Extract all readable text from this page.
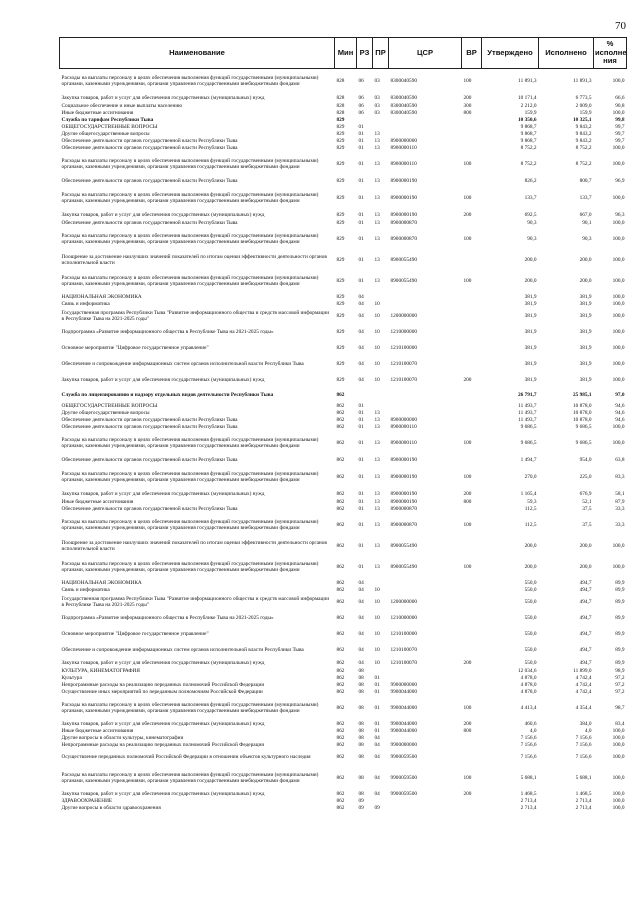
70
Наименование	Мин	РЗ	ПР	ЦСР	ВР	Утверждено	Исполнено	% исполне ния
Расходы на выплаты персоналу в целях обеспечения выполнения функций государственными (муниципальными) органами, казенными учреждениями, органами управления государственными внебюджетными фондами	828	06	03	8300040590	100	11 891,3	11 891,3	100,0
Закупка товаров, работ и услуг для обеспечения государственных (муниципальных) нужд	828	06	03	8300040590	200	10 171,4	6 773,5	66,6
Социальное обеспечение и иные выплаты населению	828	06	03	8300040590	300	2 212,0	2 009,0	90,8
Иные бюджетные ассигнования	828	06	03	8300040590	800	159,9	159,9	100,0
Служба по тарифам Республики Тыва	829					10 350,6	10 325,1	99,8
ОБЩЕГОСУДАРСТВЕННЫЕ ВОПРОСЫ	829	01				9 868,7	9 843,2	99,7
Другие общегосударственные вопросы	829	01	13			9 868,7	9 843,2	99,7
Обеспечение деятельности органов государственной власти Республики Тыва	829	01	13	8900000000		9 868,7	9 843,2	99,7
Обеспечение деятельности органов государственной власти Республики Тыва	829	01	13	8900000110		8 752,2	8 752,2	100,0
Расходы на выплаты персоналу в целях обеспечения выполнения функций государственными (муниципальными) органами, казенными учреждениями, органами управления государственными внебюджетными фондами	829	01	13	8900000110	100	8 752,2	8 752,2	100,0
Обеспечение деятельности органов государственной власти Республики Тыва	829	01	13	8900000190		826,2	800,7	96,9
Расходы на выплаты персоналу в целях обеспечения выполнения функций государственными (муниципальными) органами, казенными учреждениями, органами управления государственными внебюджетными фондами	829	01	13	8900000190	100	133,7	133,7	100,0
Закупка товаров, работ и услуг для обеспечения государственных (муниципальных) нужд	829	01	13	8900000190	200	692,5	667,0	96,3
Обеспечение деятельности органов государственной власти Республики Тыва	829	01	13	8900000870		90,3	90,1	100,0
Расходы на выплаты персоналу в целях обеспечения выполнения функций государственными (муниципальными) органами, казенными учреждениями, органами управления государственными внебюджетными фондами	829	01	13	8900000870	100	90,3	90,3	100,0
Поощрение за достижение наилучших значений показателей по итогам оценки эффективности деятельности органов исполнительной власти	829	01	13	8900055490		200,0	200,0	100,0
Расходы на выплаты персоналу в целях обеспечения выполнения функций государственными (муниципальными) органами, казенными учреждениями, органами управления государственными внебюджетными фондами	829	01	13	8900055490	100	200,0	200,0	100,0
НАЦИОНАЛЬНАЯ ЭКОНОМИКА	829	04				381,9	381,9	100,0
Связь и информатика	829	04	10			381,9	381,9	100,0
Государственная программа Республики Тыва "Развитие информационного общества и средств массовой информации в Республике Тыва на 2021-2025 годы"	829	04	10	1200000000		381,9	381,9	100,0
Подпрограмма «Развитие информационного общества в Республике Тыва на 2021-2025 годы»	829	04	10	1210000000		381,9	381,9	100,0
Основное мероприятие "Цифровое государственное управление"	829	04	10	1210100000		381,9	381,9	100,0
Обеспечение и сопровождение информационных систем органов исполнительной власти Республики Тыва	829	04	10	1210100070		381,9	381,9	100,0
Закупка товаров, работ и услуг для обеспечения государственных (муниципальных) нужд	829	04	10	1210100070	200	381,9	381,9	100,0
Служба по лицензированию и надзору отдельных видов деятельности Республики Тыва	862					26 791,7	25 985,1	97,0
ОБЩЕГОСУДАРСТВЕННЫЕ ВОПРОСЫ	862	01				11 493,7	10 878,0	94,6
Другие общегосударственные вопросы	862	01	13			11 493,7	10 878,0	94,6
Обеспечение деятельности органов государственной власти Республики Тыва	862	01	13	8900000000		11 493,7	10 878,0	94,6
Обеспечение деятельности органов государственной власти Республики Тыва	862	01	13	8900000110		9 686,5	9 686,5	100,0
Расходы на выплаты персоналу в целях обеспечения выполнения функций государственными (муниципальными) органами, казенными учреждениями, органами управления государственными внебюджетными фондами	862	01	13	8900000110	100	9 686,5	9 686,5	100,0
Обеспечение деятельности органов государственной власти Республики Тыва	862	01	13	8900000190		1 494,7	954,0	63,8
Расходы на выплаты персоналу в целях обеспечения выполнения функций государственными (муниципальными) органами, казенными учреждениями, органами управления государственными внебюджетными фондами	862	01	13	8900000190	100	270,0	225,0	83,3
Закупка товаров, работ и услуг для обеспечения государственных (муниципальных) нужд	862	01	13	8900000190	200	1 165,4	676,9	58,1
Иные бюджетные ассигнования	862	01	13	8900000190	800	59,3	52,1	87,9
Обеспечение деятельности органов государственной власти Республики Тыва	862	01	13	8900000870		112,5	37,5	33,3
Расходы на выплаты персоналу в целях обеспечения выполнения функций государственными (муниципальными) органами, казенными учреждениями, органами управления государственными внебюджетными фондами	862	01	13	8900000870	100	112,5	37,5	33,3
Поощрение за достижение наилучших значений показателей по итогам оценки эффективности деятельности органов исполнительной власти	862	01	13	8900055490		200,0	200,0	100,0
Расходы на выплаты персоналу в целях обеспечения выполнения функций государственными (муниципальными) органами, казенными учреждениями, органами управления государственными внебюджетными фондами	862	01	13	8900055490	100	200,0	200,0	100,0
НАЦИОНАЛЬНАЯ ЭКОНОМИКА	862	04				550,0	494,7	89,9
Связь и информатика	862	04	10			550,0	494,7	89,9
Государственная программа Республики Тыва "Развитие информационного общества и средств массовой информации в Республике Тыва на 2021-2025 годы"	862	04	10	1200000000		550,0	494,7	89,9
Подпрограмма «Развитие информационного общества в Республике Тыва на 2021-2025 годы»	862	04	10	1210000000		550,0	494,7	89,9
Основное мероприятие "Цифровое государственное управление"	862	04	10	1210100000		550,0	494,7	89,9
Обеспечение и сопровождение информационных систем органов исполнительной власти Республики Тыва	862	04	10	1210100070		550,0	494,7	89,9
Закупка товаров, работ и услуг для обеспечения государственных (муниципальных) нужд	862	04	10	1210100070	200	550,0	494,7	89,9
КУЛЬТУРА, КИНЕМАТОГРАФИЯ	862	08				12 034,6	11 899,0	98,9
Культура	862	08	01			4 878,0	4 742,4	97,2
Непрограммные расходы на реализацию переданных полномочий Российской Федерации	862	08	01	9900000000		4 878,0	4 742,4	97,2
Осуществление иных мероприятий по переданным полномочиям Российской Федерации	862	08	01	9900044000		4 878,0	4 742,4	97,2
Расходы на выплаты персоналу в целях обеспечения выполнения функций государственными (муниципальными) органами, казенными учреждениями, органами управления государственными внебюджетными фондами	862	08	01	9900044000	100	4 413,4	4 354,4	98,7
Закупка товаров, работ и услуг для обеспечения государственных (муниципальных) нужд	862	08	01	9900044000	200	460,6	384,0	83,4
Иные бюджетные ассигнования	862	08	01	9900044000	800	4,0	4,0	100,0
Другие вопросы в области культуры, кинематографии	862	08	04			7 156,6	7 156,6	100,0
Непрограммные расходы на реализацию переданных полномочий Российской Федерации	862	08	04	9900000000		7 156,6	7 156,6	100,0
Осуществление переданных полномочий Российской Федерации в отношении объектов культурного наследия	862	08	04	9900059500		7 156,6	7 156,6	100,0
Расходы на выплаты персоналу в целях обеспечения выполнения функций государственными (муниципальными) органами, казенными учреждениями, органами управления государственными внебюджетными фондами	862	08	04	9900059500	100	5 688,1	5 688,1	100,0
Закупка товаров, работ и услуг для обеспечения государственных (муниципальных) нужд	862	08	04	9900059500	200	1 468,5	1 468,5	100,0
ЗДРАВООХРАНЕНИЕ	862	09				2 713,4	2 713,4	100,0
Другие вопросы в области здравоохранения	862	09	09			2 713,4	2 713,4	100,0
